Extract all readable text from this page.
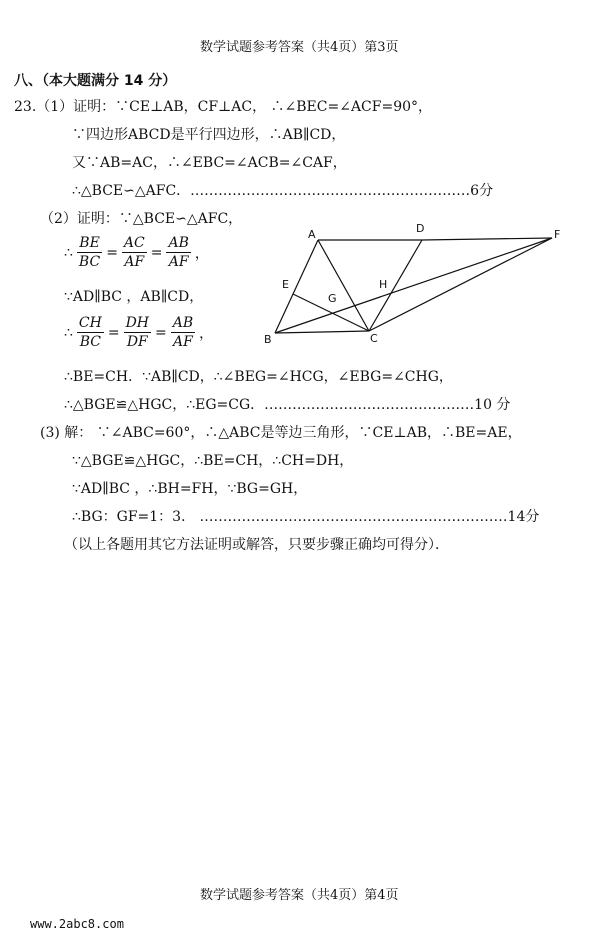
数学试题参考答案（共4页）第3页
八、（本大题满分 14 分）
23.（1）证明：∵CE⊥AB，CF⊥AC， ∴∠BEC=∠ACF=90°，
∵四边形ABCD是平行四边形，∴AB∥CD，
又∵AB=AC，∴∠EBC=∠ACB=∠CAF，
∴△BCE∽△AFC．……………………………………………………6分
（2）证明：∵△BCE∽△AFC，
∴ $\frac{BE}{BC} = \frac{AC}{AF} = \frac{AB}{AF}$ ，
∵AD∥BC ，AB∥CD，
∴ $\frac{CH}{BC} = \frac{DH}{DF} = \frac{AB}{AF}$ ，
∴BE=CH．∵AB∥CD，∴∠BEG=∠HCG，∠EBG=∠CHG，
∴△BGE≌△HGC，∴EG=CG．………………………………………10 分
(3) 解： ∵∠ABC=60°，∴△ABC是等边三角形，∵CE⊥AB，∴BE=AE，
∵△BGE≌△HGC，∴BE=CH，∴CH=DH，
∵AD∥BC ，∴BH=FH，∵BG=GH，
∴BG：GF=1：3． …………………………………………………………14分
（以上各题用其它方法证明或解答，只要步骤正确均可得分）．
A	D	F
E
G
H
B	C
数学试题参考答案（共4页）第4页
www.2abc8.com
